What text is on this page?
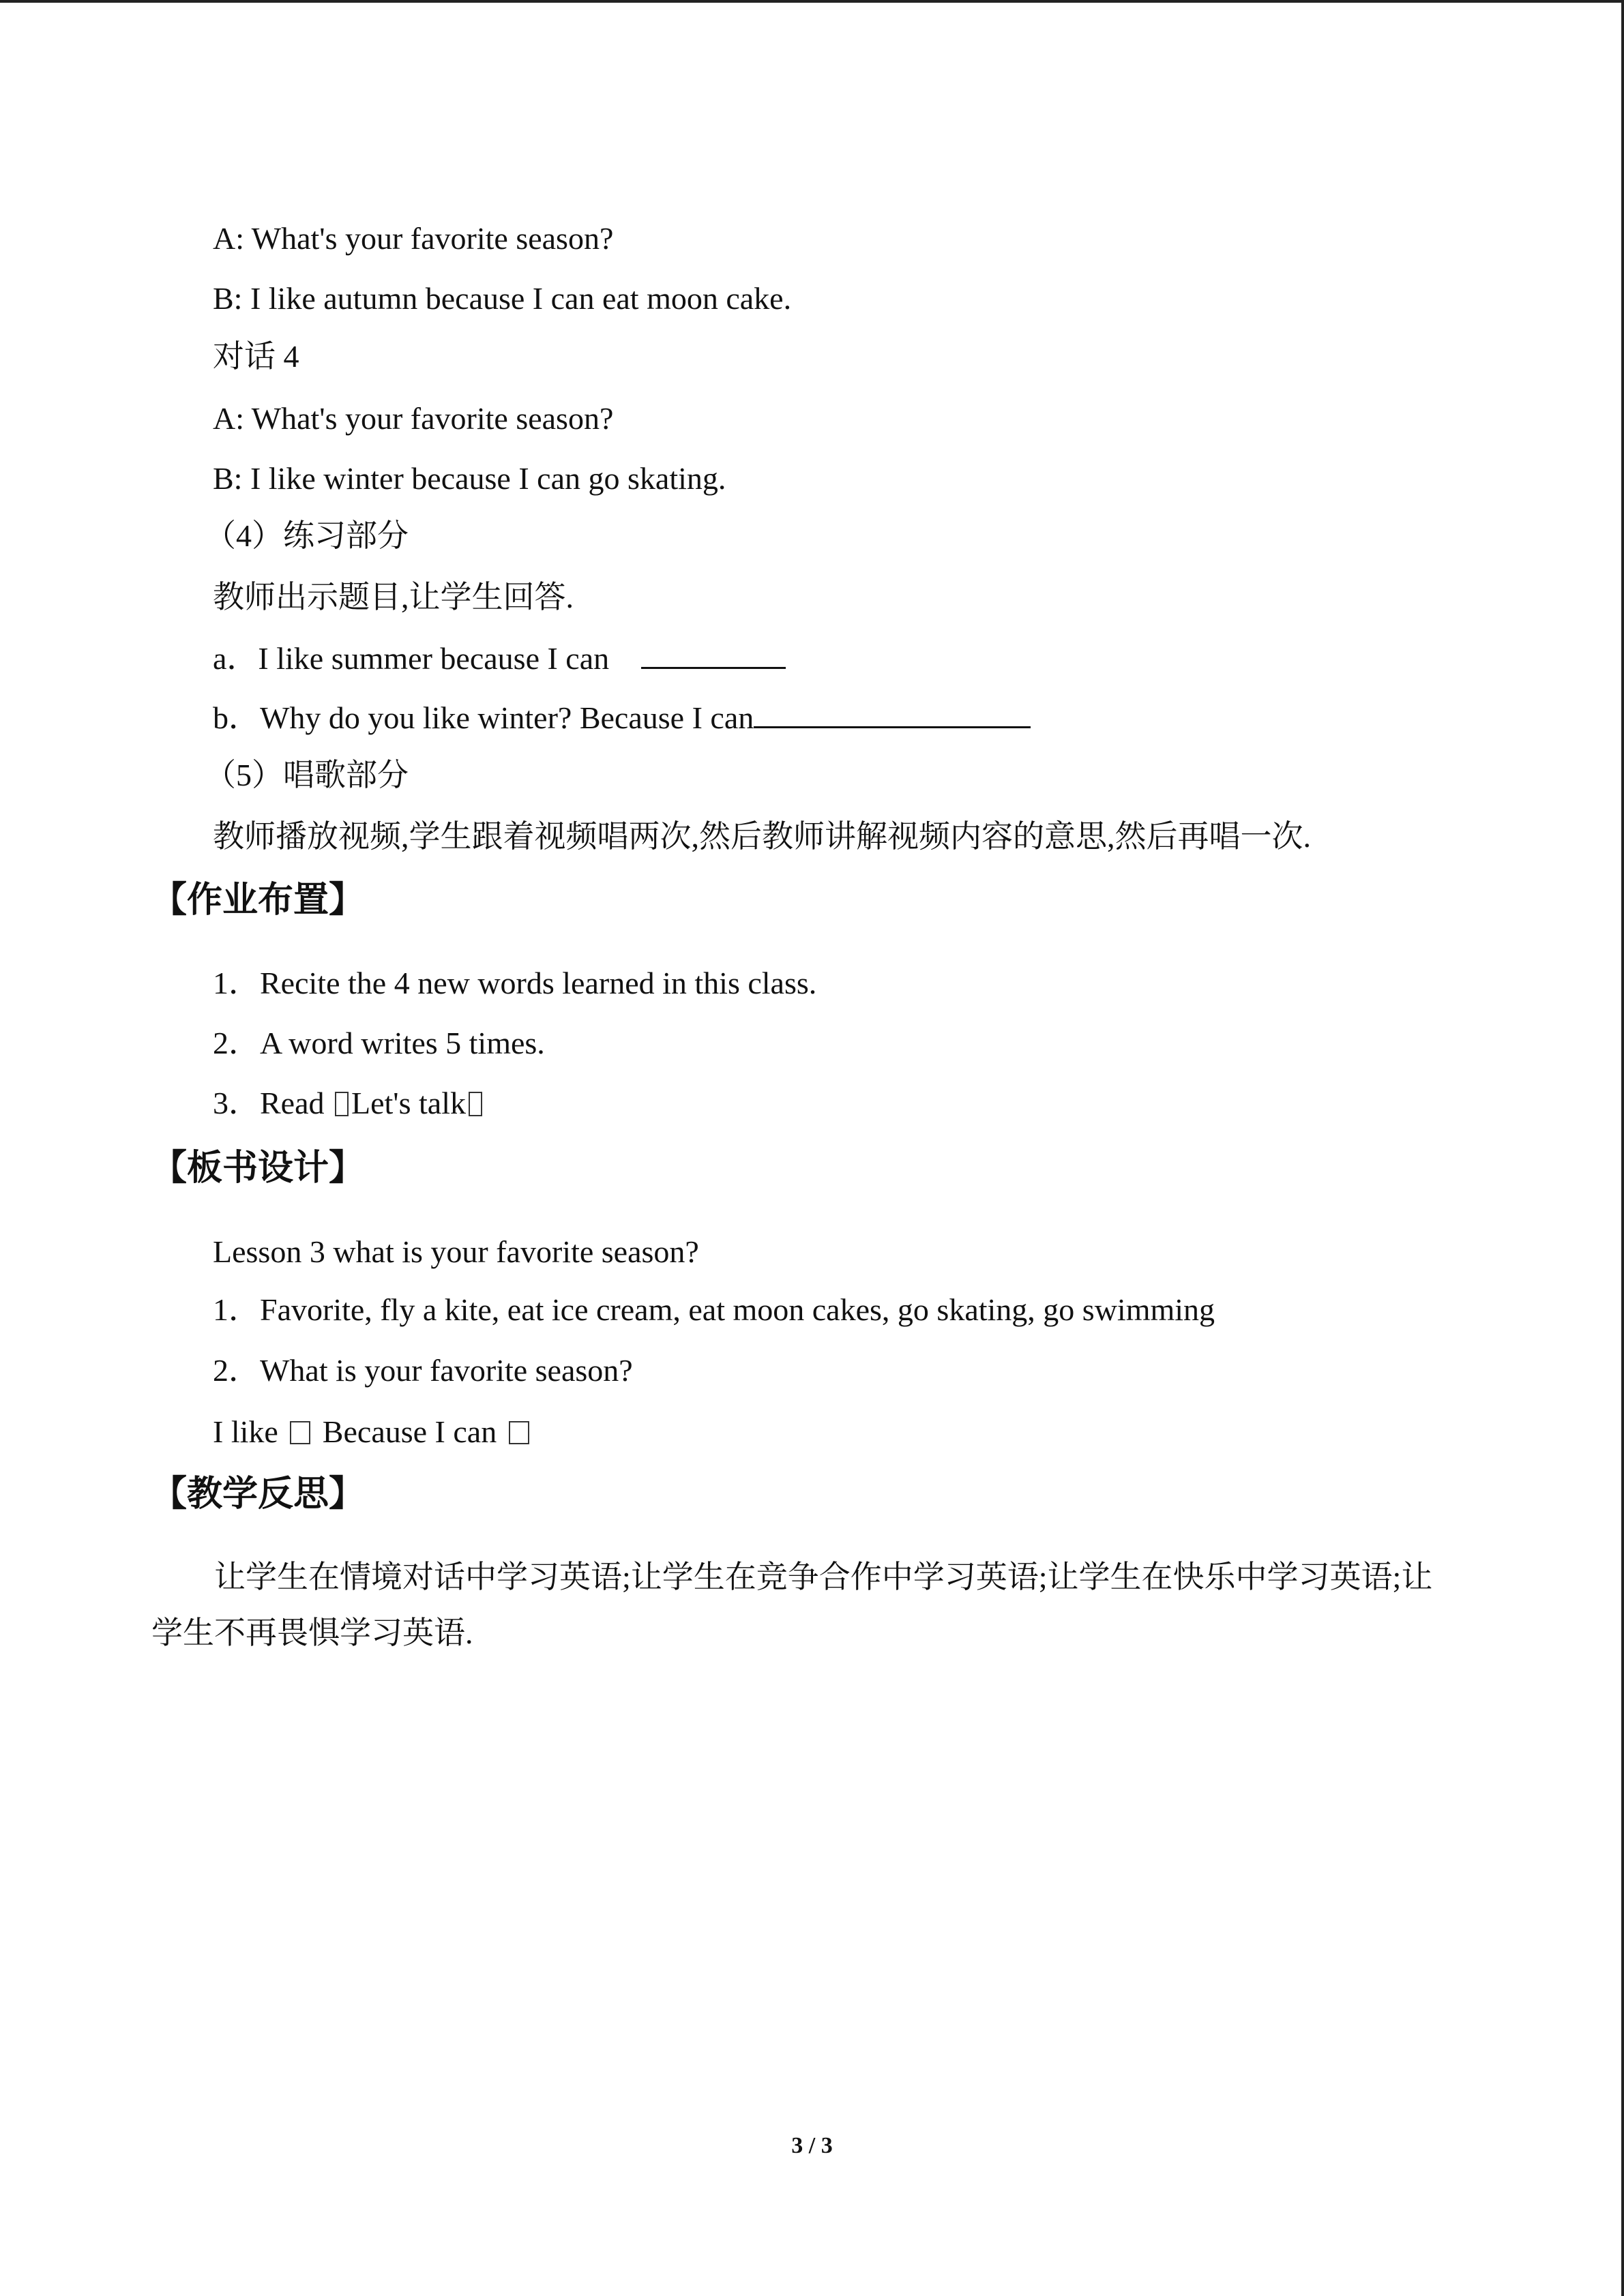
A: What's your favorite season?
B: I like autumn because I can eat moon cake.
对话 4
A: What's your favorite season?
B: I like winter because I can go skating.
（4）练习部分
教师出示题目,让学生回答.
a．I like summer because I can
b．Why do you like winter? Because I can
（5）唱歌部分
教师播放视频,学生跟着视频唱两次,然后教师讲解视频内容的意思,然后再唱一次.
【作业布置】
1．Recite the 4 new words learned in this class.
2．A word writes 5 times.
3．Read Let's talk
【板书设计】
Lesson 3 what is your favorite season?
1．Favorite, fly a kite, eat ice cream, eat moon cakes, go skating, go swimming
2．What is your favorite season?
I like Because I can
【教学反思】
让学生在情境对话中学习英语;让学生在竞争合作中学习英语;让学生在快乐中学习英语;让学生不再畏惧学习英语.
3 / 3
